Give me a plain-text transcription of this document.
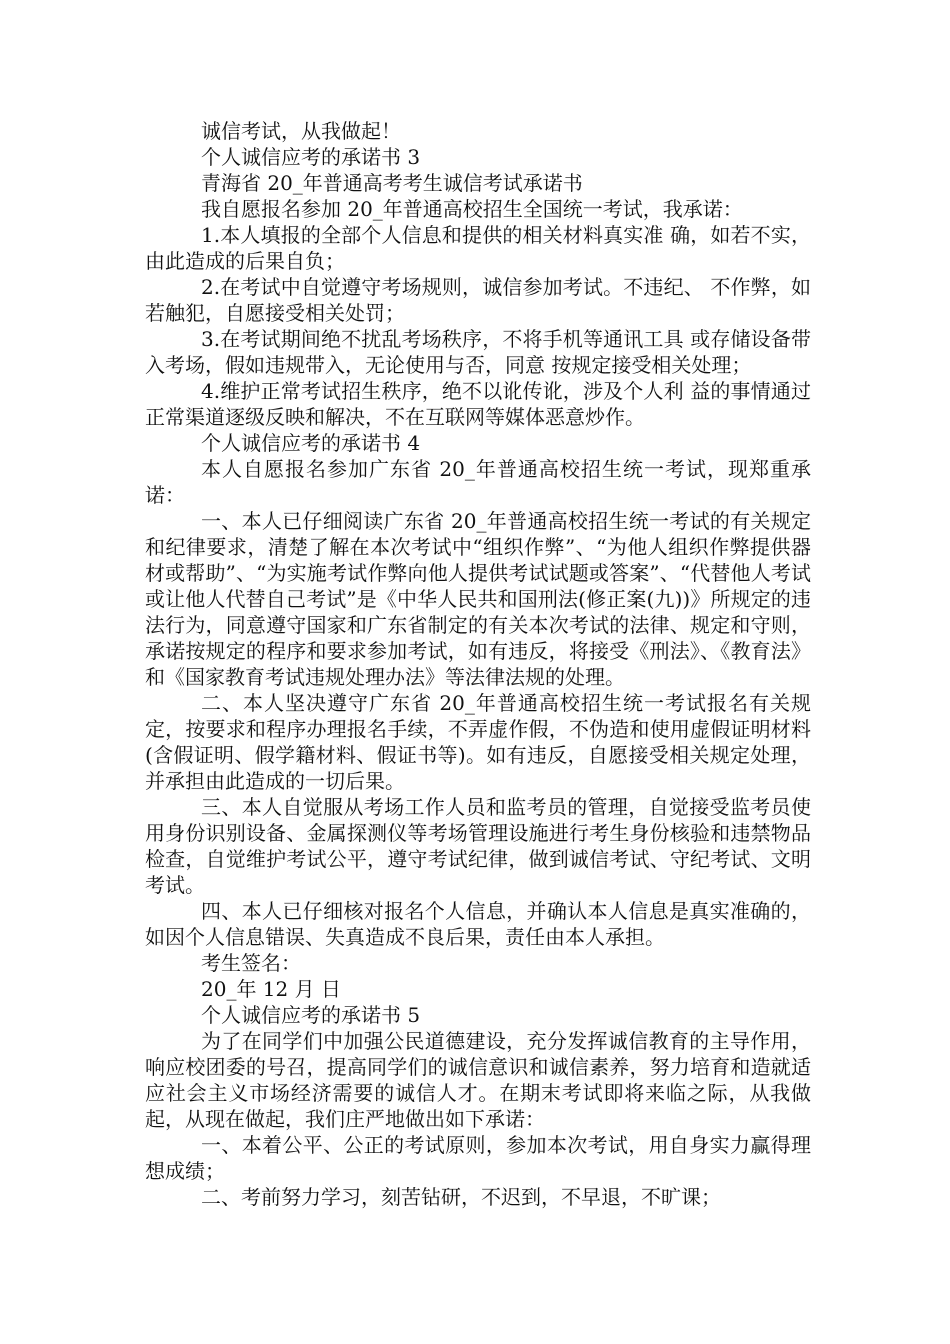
诚信考试，从我做起！

个人诚信应考的承诺书 3

青海省 20_年普通高考考生诚信考试承诺书

我自愿报名参加 20_年普通高校招生全国统一考试，我承诺：

1.本人填报的全部个人信息和提供的相关材料真实准 确，如若不实，由此造成的后果自负；

2.在考试中自觉遵守考场规则，诚信参加考试。不违纪、 不作弊，如若触犯，自愿接受相关处罚；

3.在考试期间绝不扰乱考场秩序，不将手机等通讯工具 或存储设备带入考场，假如违规带入，无论使用与否，同意 按规定接受相关处理；

4.维护正常考试招生秩序，绝不以讹传讹，涉及个人利 益的事情通过正常渠道逐级反映和解决，不在互联网等媒体恶意炒作。

个人诚信应考的承诺书 4

本人自愿报名参加广东省 20_年普通高校招生统一考试，现郑重承诺：

一、本人已仔细阅读广东省 20_年普通高校招生统一考试的有关规定和纪律要求，清楚了解在本次考试中“组织作弊”、“为他人组织作弊提供器材或帮助”、“为实施考试作弊向他人提供考试试题或答案”、“代替他人考试或让他人代替自己考试”是《中华人民共和国刑法(修正案(九))》所规定的违法行为，同意遵守国家和广东省制定的有关本次考试的法律、规定和守则，承诺按规定的程序和要求参加考试，如有违反，将接受《刑法》、《教育法》和《国家教育考试违规处理办法》等法律法规的处理。

二、本人坚决遵守广东省 20_年普通高校招生统一考试报名有关规定，按要求和程序办理报名手续，不弄虚作假，不伪造和使用虚假证明材料(含假证明、假学籍材料、假证书等)。如有违反，自愿接受相关规定处理，并承担由此造成的一切后果。

三、本人自觉服从考场工作人员和监考员的管理，自觉接受监考员使用身份识别设备、金属探测仪等考场管理设施进行考生身份核验和违禁物品检查，自觉维护考试公平，遵守考试纪律，做到诚信考试、守纪考试、文明考试。

四、本人已仔细核对报名个人信息，并确认本人信息是真实准确的，如因个人信息错误、失真造成不良后果，责任由本人承担。

考生签名：

20_年 12 月 日

个人诚信应考的承诺书 5

为了在同学们中加强公民道德建设，充分发挥诚信教育的主导作用，响应校团委的号召，提高同学们的诚信意识和诚信素养，努力培育和造就适应社会主义市场经济需要的诚信人才。在期末考试即将来临之际，从我做起，从现在做起，我们庄严地做出如下承诺：

一、本着公平、公正的考试原则，参加本次考试，用自身实力赢得理想成绩；

二、考前努力学习，刻苦钻研，不迟到，不早退，不旷课；
